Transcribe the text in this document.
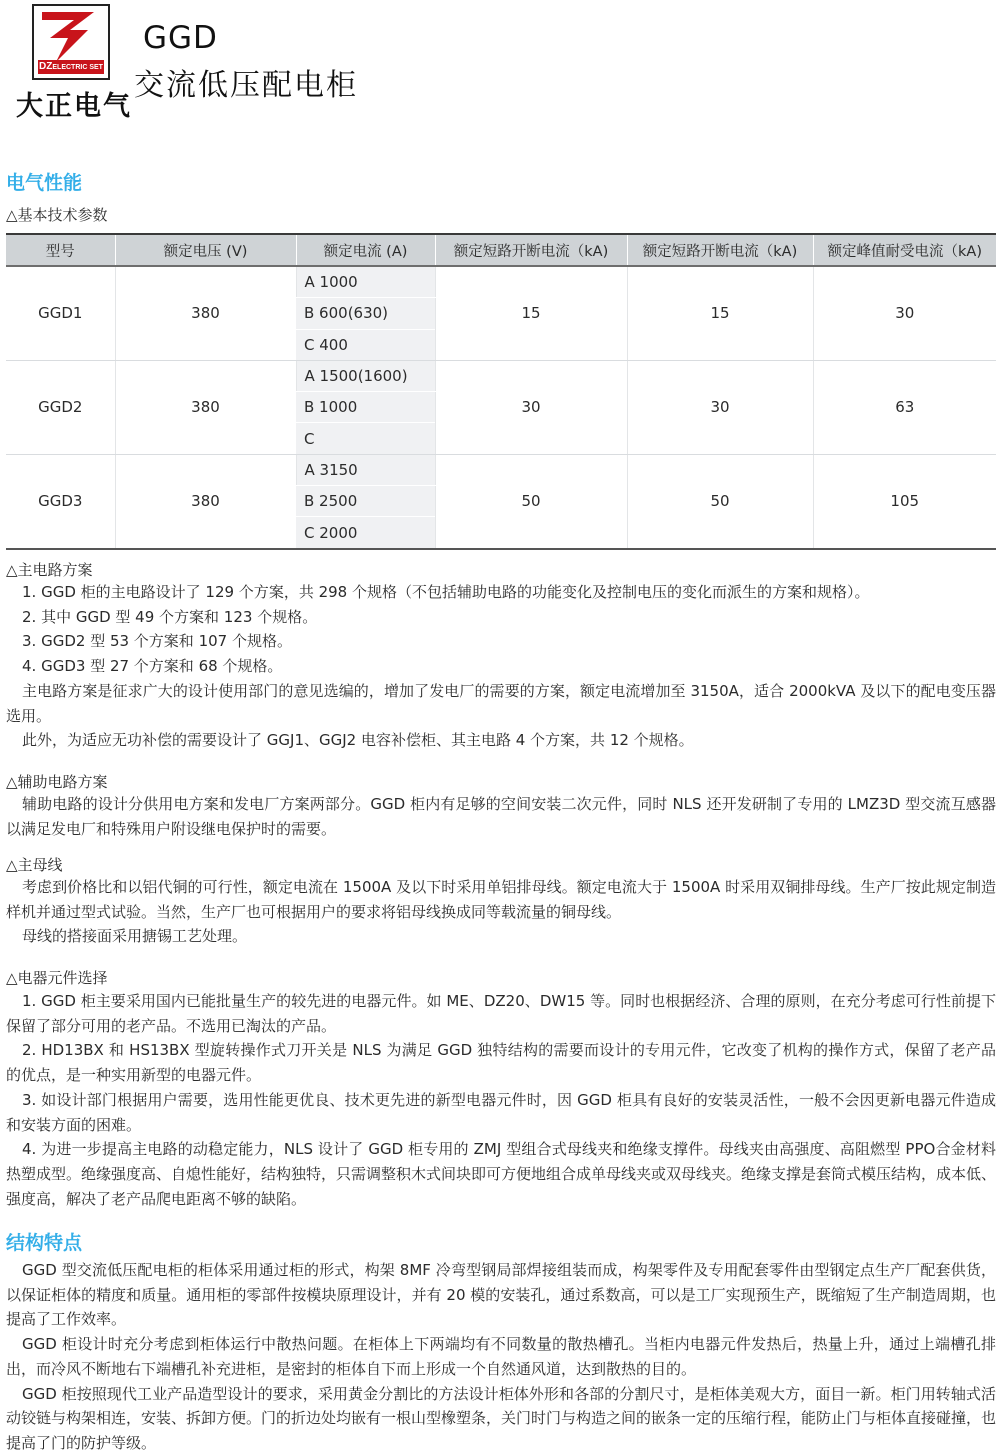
DZELECTRIC SET
大正电气
GGD
交流低压配电柜
电气性能
△基本技术参数
型号	额定电压 (V)	额定电流 (A)	额定短路开断电流（kA)	额定短路开断电流（kA)	额定峰值耐受电流（kA)
GGD1	380	A 1000	15	15	30
		B 600(630)			
		C 400			
GGD2	380	A 1500(1600)	30	30	63
		B 1000			
		C			
GGD3	380	A 3150	50	50	105
		B 2500			
		C 2000			
△主电路方案

1. GGD 柜的主电路设计了 129 个方案，共 298 个规格（不包括辅助电路的功能变化及控制电压的变化而派生的方案和规格）。

2. 其中 GGD 型 49 个方案和 123 个规格。

3. GGD2 型 53 个方案和 107 个规格。

4. GGD3 型 27 个方案和 68 个规格。

主电路方案是征求广大的设计使用部门的意见选编的，增加了发电厂的需要的方案，额定电流增加至 3150A，适合 2000kVA 及以下的配电变压器选用。

此外，为适应无功补偿的需要设计了 GGJ1、GGJ2 电容补偿柜、其主电路 4 个方案，共 12 个规格。

△辅助电路方案

辅助电路的设计分供用电方案和发电厂方案两部分。GGD 柜内有足够的空间安装二次元件，同时 NLS 还开发研制了专用的 LMZ3D 型交流互感器以满足发电厂和特殊用户附设继电保护时的需要。

△主母线

考虑到价格比和以铝代铜的可行性，额定电流在 1500A 及以下时采用单铝排母线。额定电流大于 1500A 时采用双铜排母线。生产厂按此规定制造样机并通过型式试验。当然，生产厂也可根据用户的要求将铝母线换成同等载流量的铜母线。

母线的搭接面采用搪锡工艺处理。

△电器元件选择

1. GGD 柜主要采用国内已能批量生产的较先进的电器元件。如 ME、DZ20、DW15 等。同时也根据经济、合理的原则，在充分考虑可行性前提下保留了部分可用的老产品。不选用已淘汰的产品。

2. HD13BX 和 HS13BX 型旋转操作式刀开关是 NLS 为满足 GGD 独特结构的需要而设计的专用元件，它改变了机构的操作方式，保留了老产品的优点，是一种实用新型的电器元件。

3. 如设计部门根据用户需要，选用性能更优良、技术更先进的新型电器元件时，因 GGD 柜具有良好的安装灵活性，一般不会因更新电器元件造成和安装方面的困难。

4. 为进一步提高主电路的动稳定能力，NLS 设计了 GGD 柜专用的 ZMJ 型组合式母线夹和绝缘支撑件。母线夹由高强度、高阻燃型 PPO合金材料热塑成型。绝缘强度高、自熄性能好，结构独特，只需调整积木式间块即可方便地组合成单母线夹或双母线夹。绝缘支撑是套筒式模压结构，成本低、强度高，解决了老产品爬电距离不够的缺陷。

结构特点

GGD 型交流低压配电柜的柜体采用通过柜的形式，构架 8MF 冷弯型钢局部焊接组装而成，构架零件及专用配套零件由型钢定点生产厂配套供货，以保证柜体的精度和质量。通用柜的零部件按模块原理设计，并有 20 模的安装孔，通过系数高，可以是工厂实现预生产，既缩短了生产制造周期，也提高了工作效率。

GGD 柜设计时充分考虑到柜体运行中散热问题。在柜体上下两端均有不同数量的散热槽孔。当柜内电器元件发热后，热量上升，通过上端槽孔排出，而冷风不断地右下端槽孔补充进柜，是密封的柜体自下而上形成一个自然通风道，达到散热的目的。

GGD 柜按照现代工业产品造型设计的要求，采用黄金分割比的方法设计柜体外形和各部的分割尺寸，是柜体美观大方，面目一新。柜门用转轴式活动铰链与构架相连，安装、拆卸方便。门的折边处均嵌有一根山型橡塑条，关门时门与构造之间的嵌条一定的压缩行程，能防止门与柜体直接碰撞，也提高了门的防护等级。
